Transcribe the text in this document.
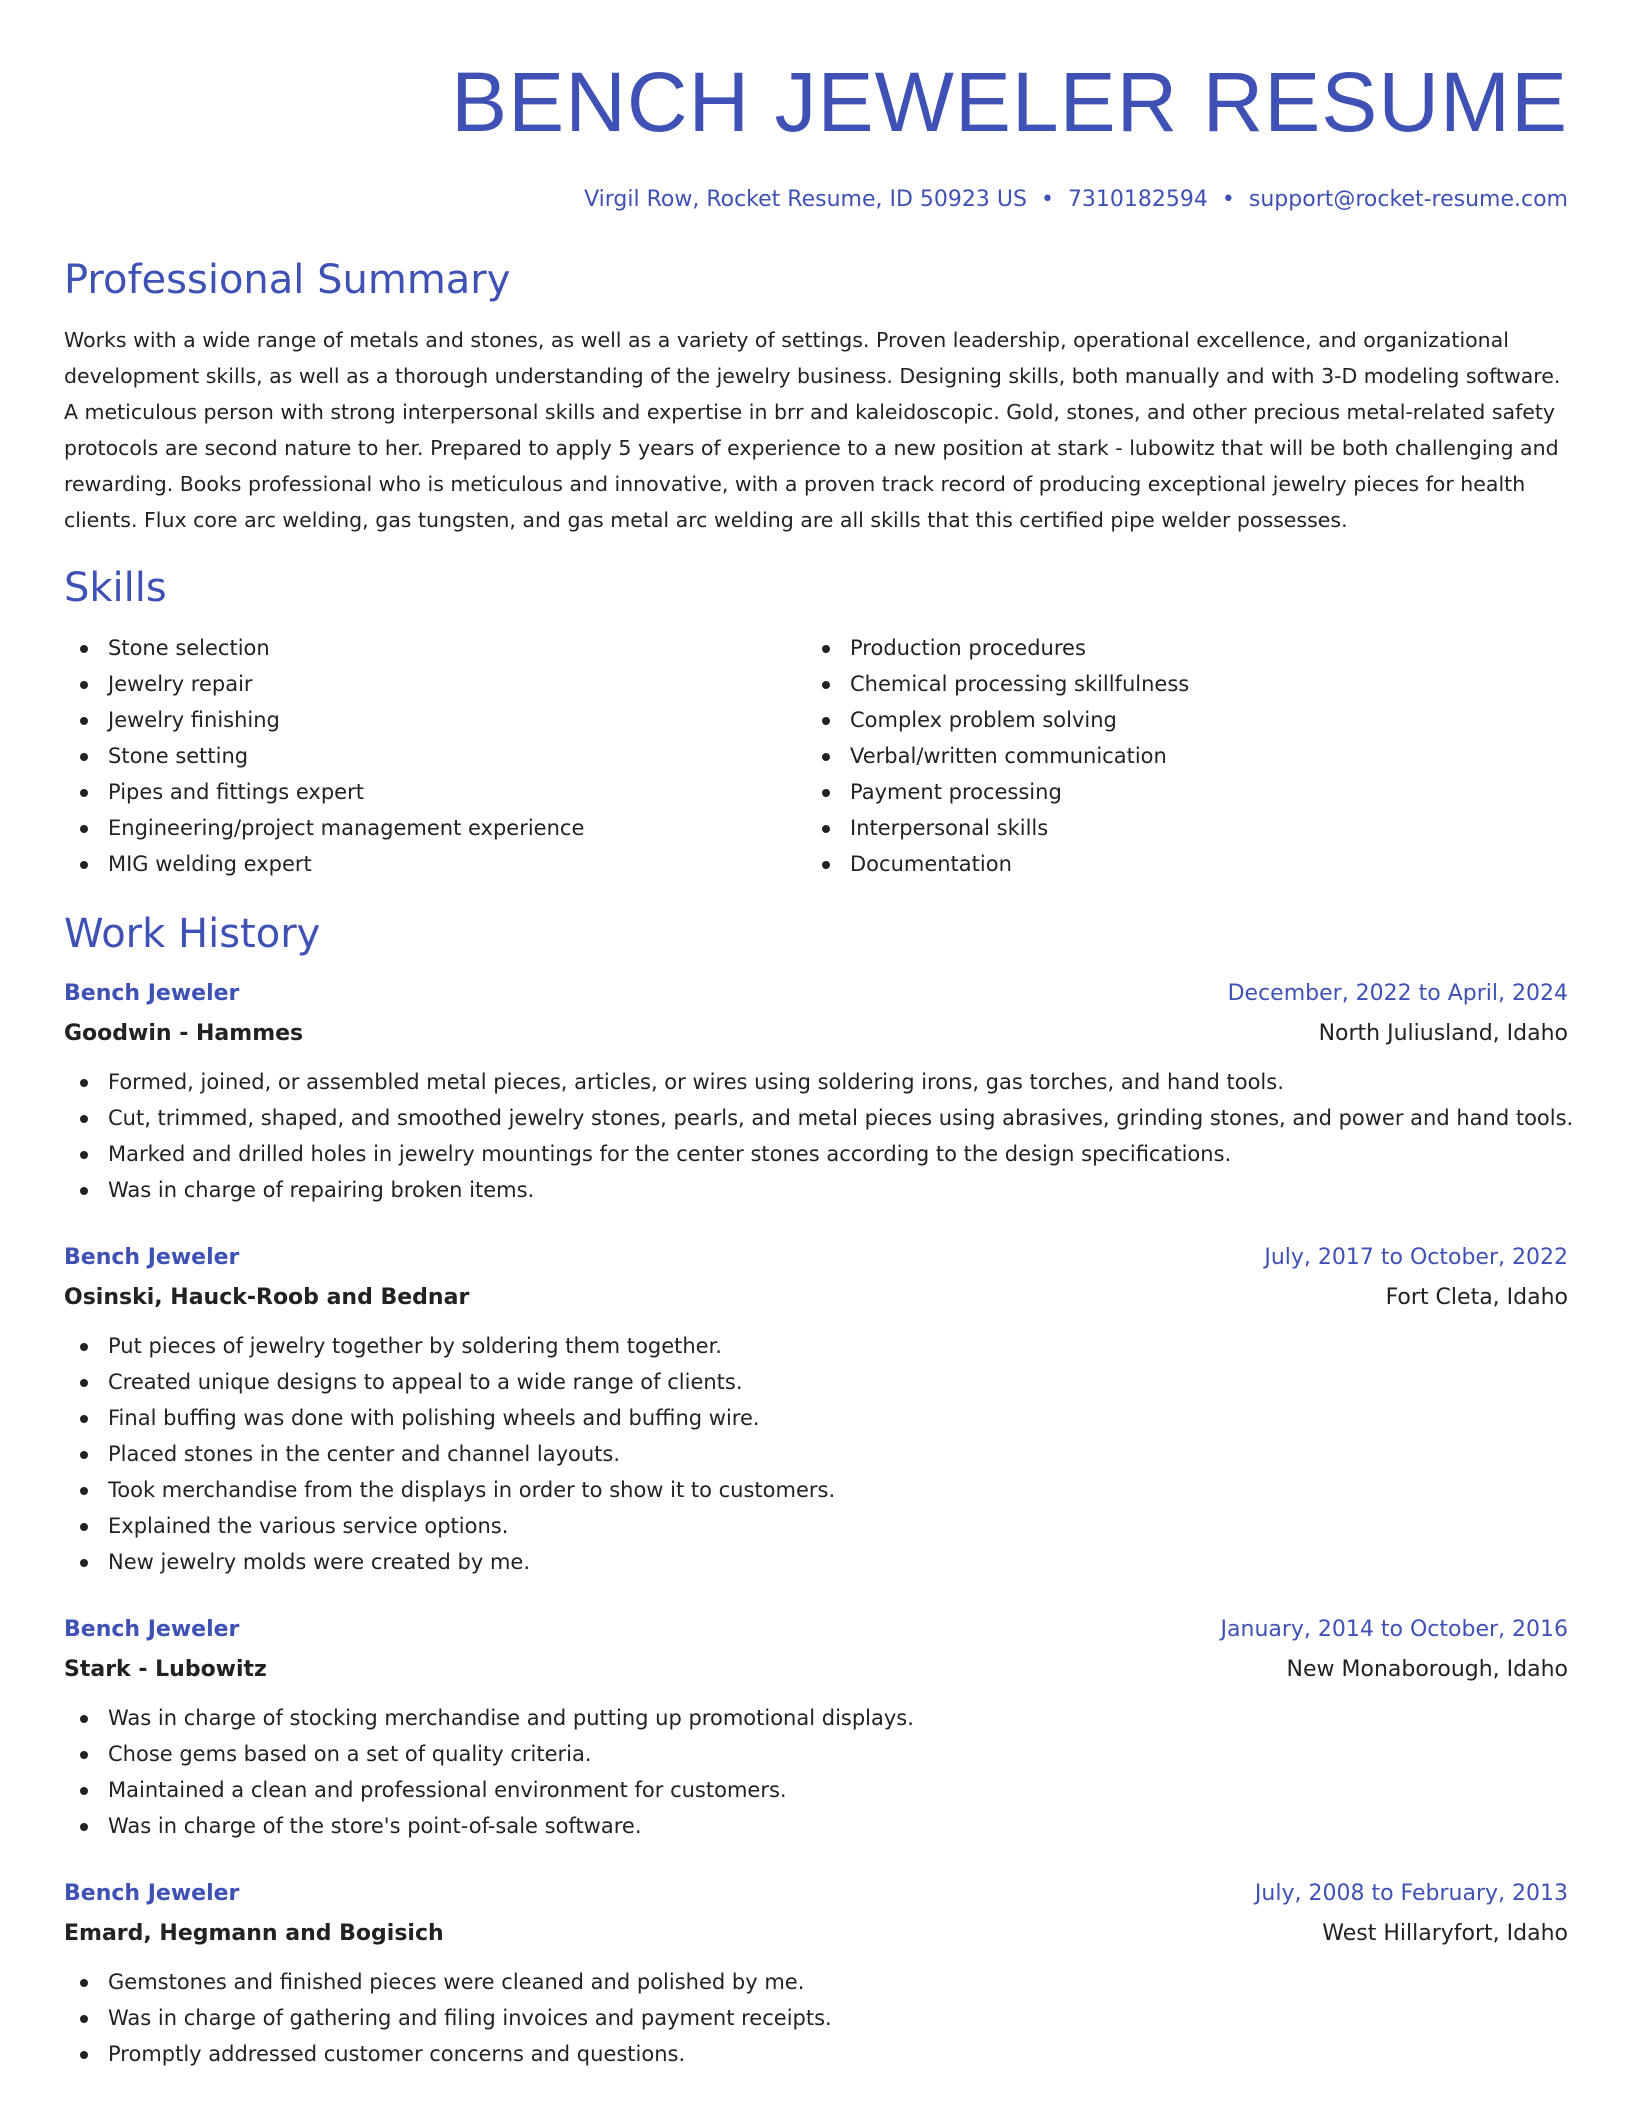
BENCH JEWELER RESUME
Virgil Row, Rocket Resume, ID 50923 US • 7310182594 • support@rocket-resume.com
Professional Summary

Works with a wide range of metals and stones, as well as a variety of settings. Proven leadership, operational excellence, and organizational development skills, as well as a thorough understanding of the jewelry business. Designing skills, both manually and with 3-D modeling software. A meticulous person with strong interpersonal skills and expertise in brr and kaleidoscopic. Gold, stones, and other precious metal-related safety protocols are second nature to her. Prepared to apply 5 years of experience to a new position at stark - lubowitz that will be both challenging and rewarding. Books professional who is meticulous and innovative, with a proven track record of producing exceptional jewelry pieces for health clients. Flux core arc welding, gas tungsten, and gas metal arc welding are all skills that this certified pipe welder possesses.

Skills
Stone selection
Jewelry repair
Jewelry finishing
Stone setting
Pipes and fittings expert
Engineering/project management experience
MIG welding expert
Production procedures
Chemical processing skillfulness
Complex problem solving
Verbal/written communication
Payment processing
Interpersonal skills
Documentation
Work History
Bench Jeweler	December, 2022 to April, 2024
Goodwin - Hammes	North Juliusland, Idaho
Formed, joined, or assembled metal pieces, articles, or wires using soldering irons, gas torches, and hand tools.
Cut, trimmed, shaped, and smoothed jewelry stones, pearls, and metal pieces using abrasives, grinding stones, and power and hand tools.
Marked and drilled holes in jewelry mountings for the center stones according to the design specifications.
Was in charge of repairing broken items.
Bench Jeweler	July, 2017 to October, 2022
Osinski, Hauck-Roob and Bednar	Fort Cleta, Idaho
Put pieces of jewelry together by soldering them together.
Created unique designs to appeal to a wide range of clients.
Final buffing was done with polishing wheels and buffing wire.
Placed stones in the center and channel layouts.
Took merchandise from the displays in order to show it to customers.
Explained the various service options.
New jewelry molds were created by me.
Bench Jeweler	January, 2014 to October, 2016
Stark - Lubowitz	New Monaborough, Idaho
Was in charge of stocking merchandise and putting up promotional displays.
Chose gems based on a set of quality criteria.
Maintained a clean and professional environment for customers.
Was in charge of the store's point-of-sale software.
Bench Jeweler	July, 2008 to February, 2013
Emard, Hegmann and Bogisich	West Hillaryfort, Idaho
Gemstones and finished pieces were cleaned and polished by me.
Was in charge of gathering and filing invoices and payment receipts.
Promptly addressed customer concerns and questions.
